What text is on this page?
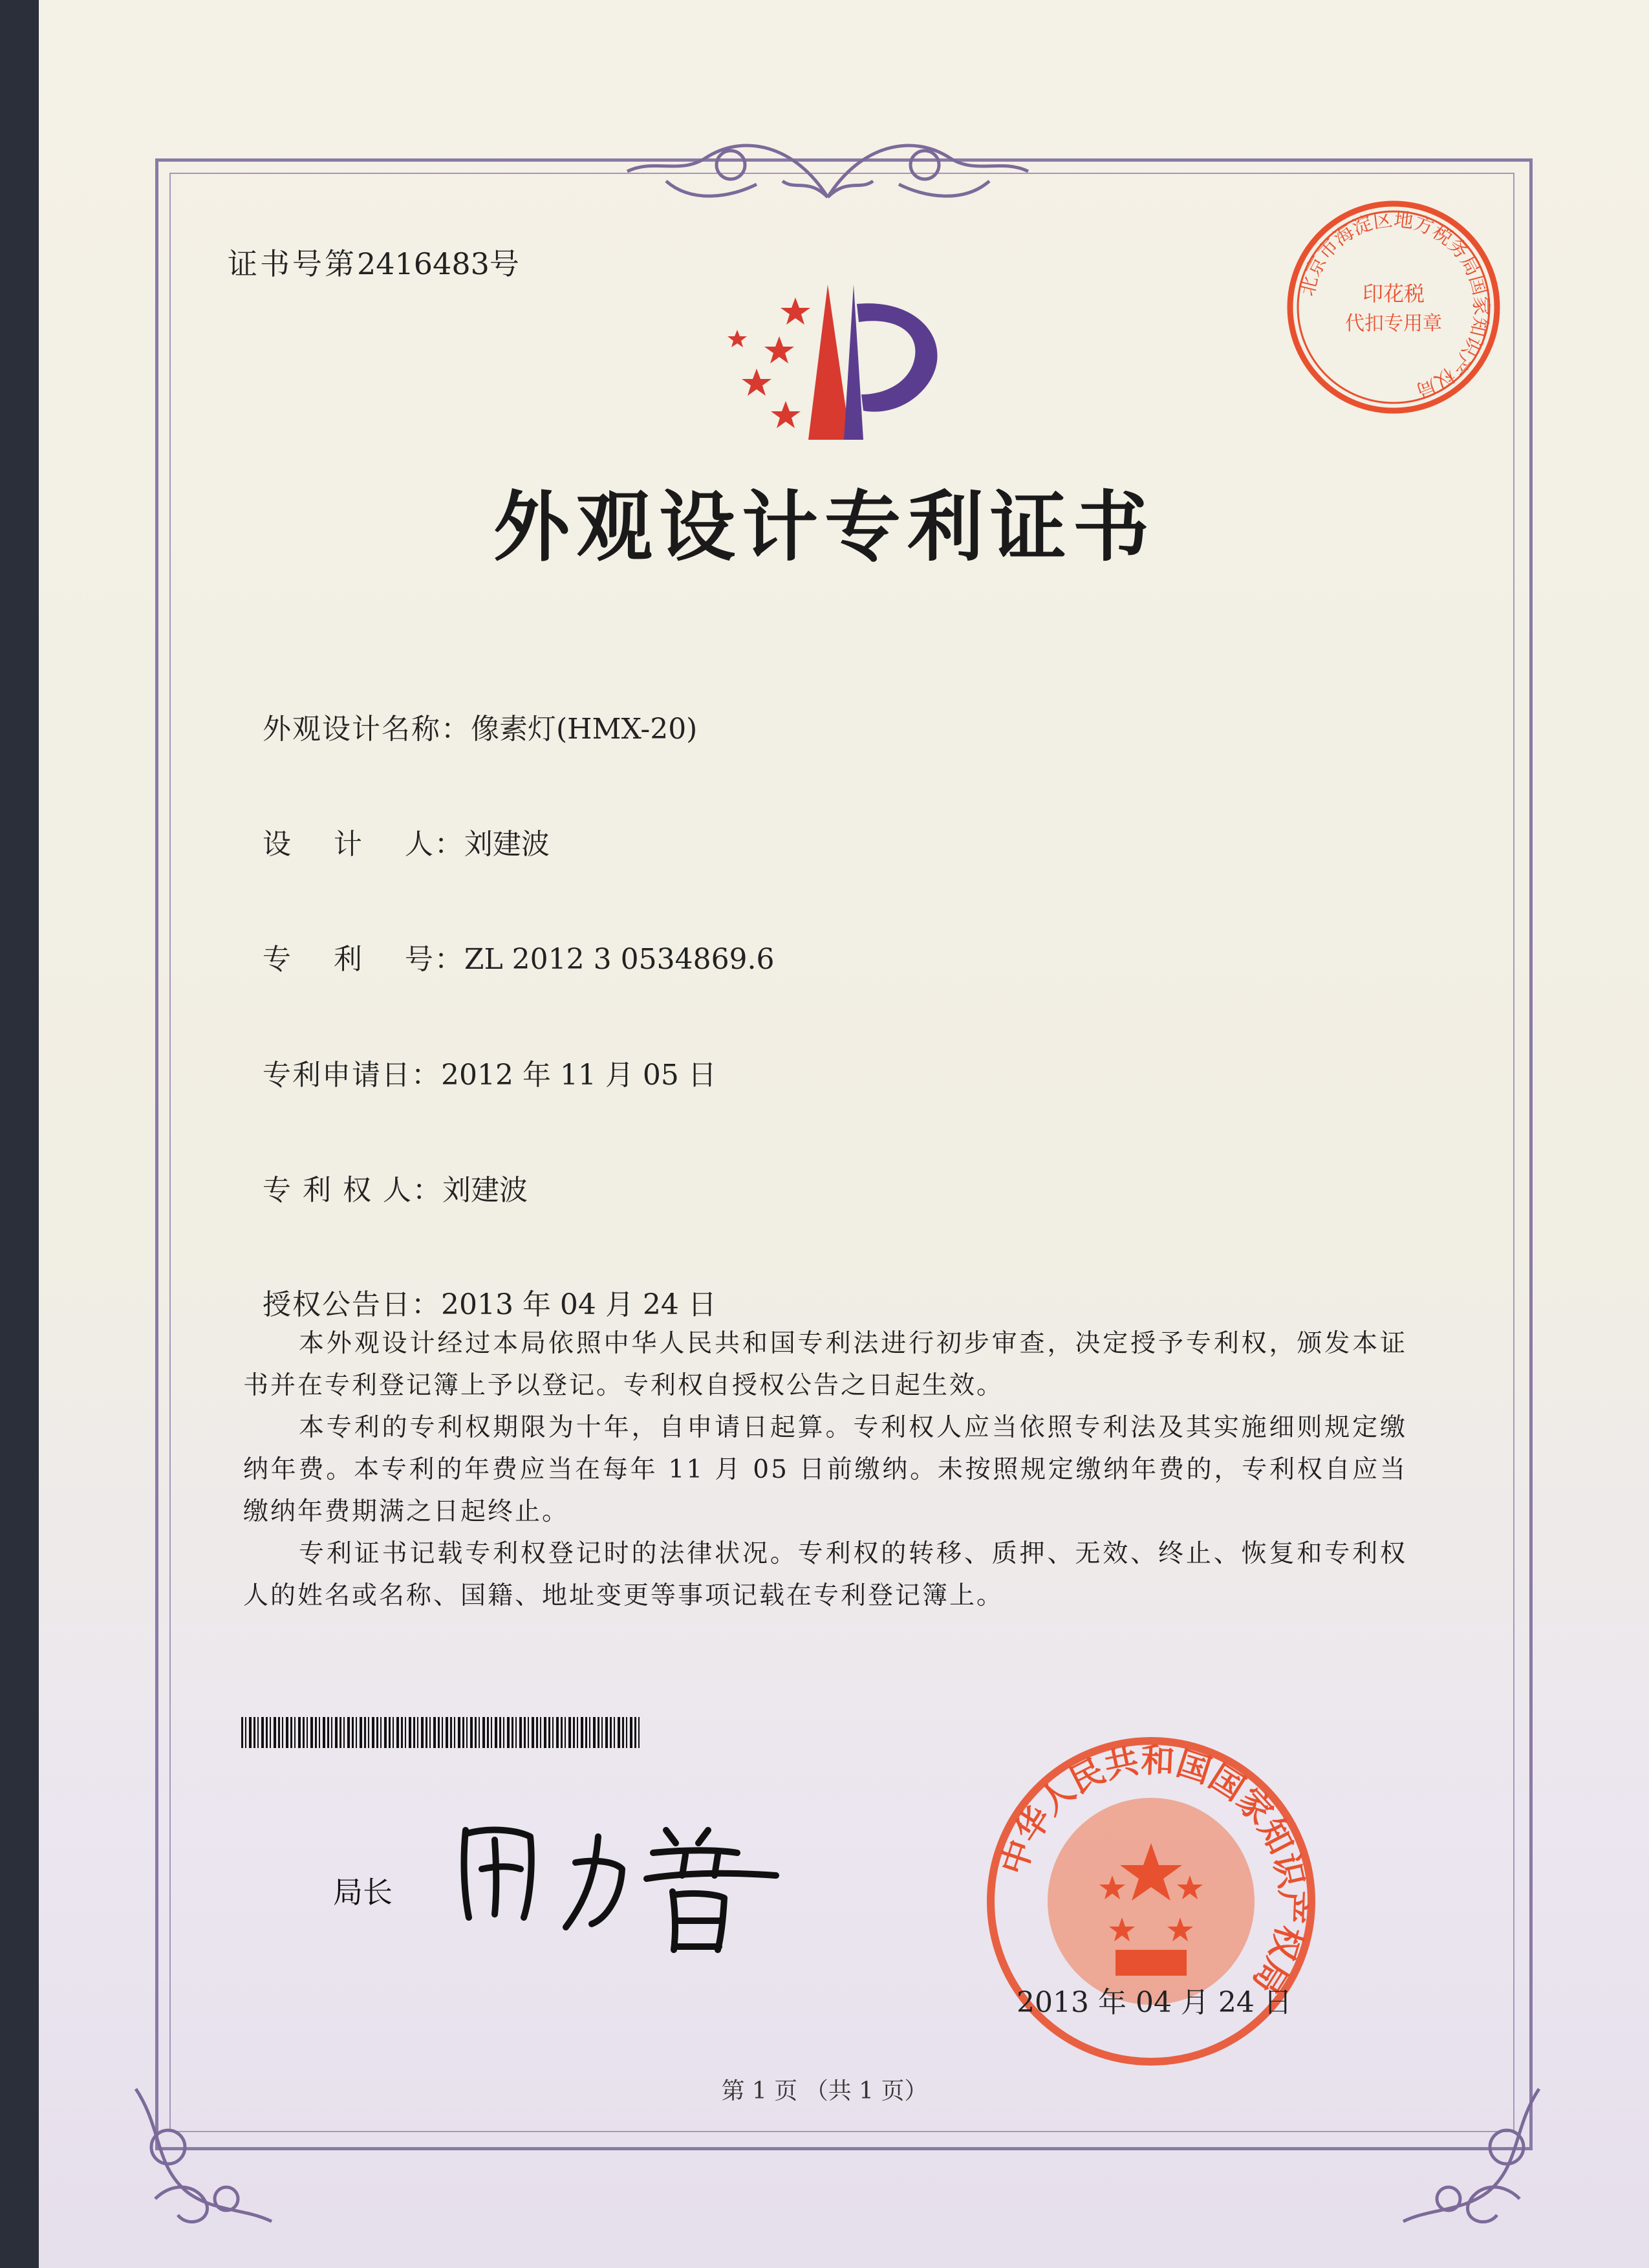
证书号第2416483号
北京市海淀区地方税务局国家知识产权局
印花税
代扣专用章
外观设计专利证书

外观设计名称：像素灯(HMX-20)

设    计    人：刘建波

专    利    号：ZL 2012 3 0534869.6

专利申请日：2012 年 11 月 05 日

专 利 权 人：刘建波

授权公告日：2013 年 04 月 24 日

本外观设计经过本局依照中华人民共和国专利法进行初步审查，决定授予专利权，颁发本证书并在专利登记簿上予以登记。专利权自授权公告之日起生效。

本专利的专利权期限为十年，自申请日起算。专利权人应当依照专利法及其实施细则规定缴纳年费。本专利的年费应当在每年 11 月 05 日前缴纳。未按照规定缴纳年费的，专利权自应当缴纳年费期满之日起终止。

专利证书记载专利权登记时的法律状况。专利权的转移、质押、无效、终止、恢复和专利权人的姓名或名称、国籍、地址变更等事项记载在专利登记簿上。

局长
中华人民共和国国家知识产权局
2013 年 04 月 24 日
第 1 页 （共 1 页）
